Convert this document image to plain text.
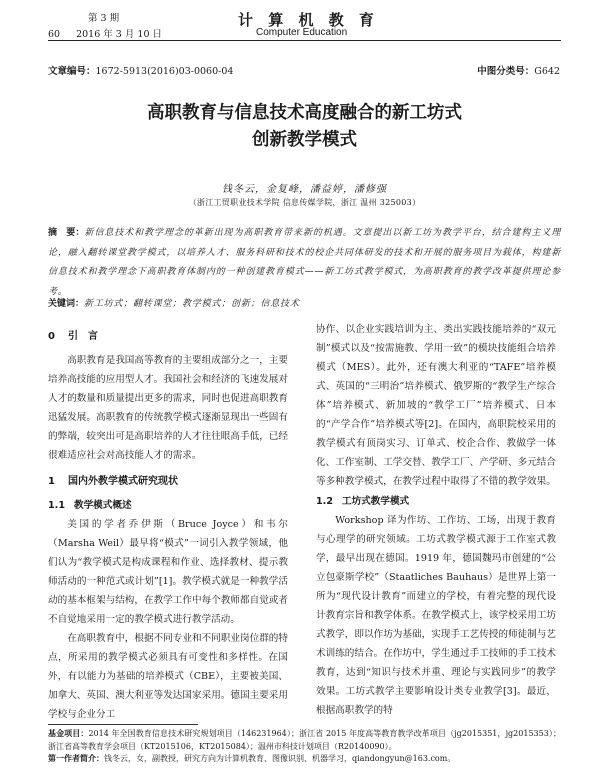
第 3 期
60 2016 年 3 月 10 日
计 算 机 教 育
Computer Education
文章编号：1672-5913(2016)03-0060-04	中图分类号：G642
高职教育与信息技术高度融合的新工坊式
创新教学模式
钱冬云，金复峰，潘益婷，潘修强
（浙江工贸职业技术学院 信息传媒学院，浙江 温州 325003）
摘　要：新信息技术和教学理念的革新出现为高职教育带来新的机遇。文章提出以新工坊为教学平台，结合建构主义理论，融入翻转课堂教学模式，以培养人才、服务科研和技术的校企共同体研发的技术和开展的服务项目为载体，构建新信息技术和教学理念下高职教育体制内的一种创建教育模式——新工坊式教学模式，为高职教育的教学改革提供理论参考。
关键词：新工坊式；翻转课堂；教学模式；创新；信息技术
0 引　言

高职教育是我国高等教育的主要组成部分之一，主要培养高技能的应用型人才。我国社会和经济的飞速发展对人才的数量和质量提出更多的需求，同时也促进高职教育迅猛发展。高职教育的传统教学模式逐渐显现出一些固有的弊端，较突出可是高职培养的人才往往眼高手低，已经很难适应社会对高技能人才的需求。

1 国内外教学模式研究现状
1.1 教学模式概述

美国的学者乔伊斯（Bruce Joyce）和韦尔（Marsha Weil）最早将“模式”一词引入教学领域，他们认为“教学模式是构成课程和作业、选择教材、提示教师活动的一种范式或计划”[1]。教学模式就是一种教学活动的基本框架与结构，在教学工作中每个教师都自觉或者不自觉地采用一定的教学模式进行教学活动。

在高职教育中，根据不同专业和不同职业岗位群的特点，所采用的教学模式必须具有可变性和多样性。在国外，有以能力为基础的培养模式（CBE），主要被美国、加拿大、英国、澳大利亚等发达国家采用。德国主要采用学校与企业分工

协作、以企业实践培训为主、类出实践技能培养的“双元制”模式以及“按需施教、学用一致”的模块技能组合培养模式（MES）。此外，还有澳大利亚的“TAFE”培养模式、英国的“三明治”培养模式、俄罗斯的“教学生产综合体”培养模式、新加坡的“教学工厂”培养模式、日本的“产学合作”培养模式等[2]。在国内，高职院校采用的教学模式有顶岗实习、订单式、校企合作、教做学一体化、工作室制、工学交替、教学工厂、产学研、多元结合等多种教学模式，在教学过程中取得了不错的教学效果。

1.2 工坊式教学模式

Workshop 译为作坊、工作坊、工场，出现于教育与心理学的研究领域。工坊式教学模式源于工作室式教学，最早出现在德国。1919 年，德国魏玛市创建的“公立包豪斯学校”（Staatliches Bauhaus）是世界上第一所为“现代设计教育”而建立的学校，有着完整的现代设计教育宗旨和教学体系。在教学模式上，该学校采用工坊式教学，即以作坊为基础，实现手工艺传授的师徒制与艺术训练的结合。在作坊中，学生通过手工技师的手工技术教育，达到“知识与技术并重、理论与实践同步”的教学效果。工坊式教学主要影响设计类专业教学[3]。最近，根据高职教学的特

基金项目：2014 年全国教育信息技术研究规划项目（146231964）；浙江省 2015 年度高等教育教学改革项目（jg2015351，jg2015353）；浙江省高等教育学会项目（KT2015106，KT2015084）；温州市科技计划项目（R20140090）。
第一作者简介：钱冬云，女，副教授，研究方向为计算机教育、图像识别、机器学习，qiandongyun@163.com。
